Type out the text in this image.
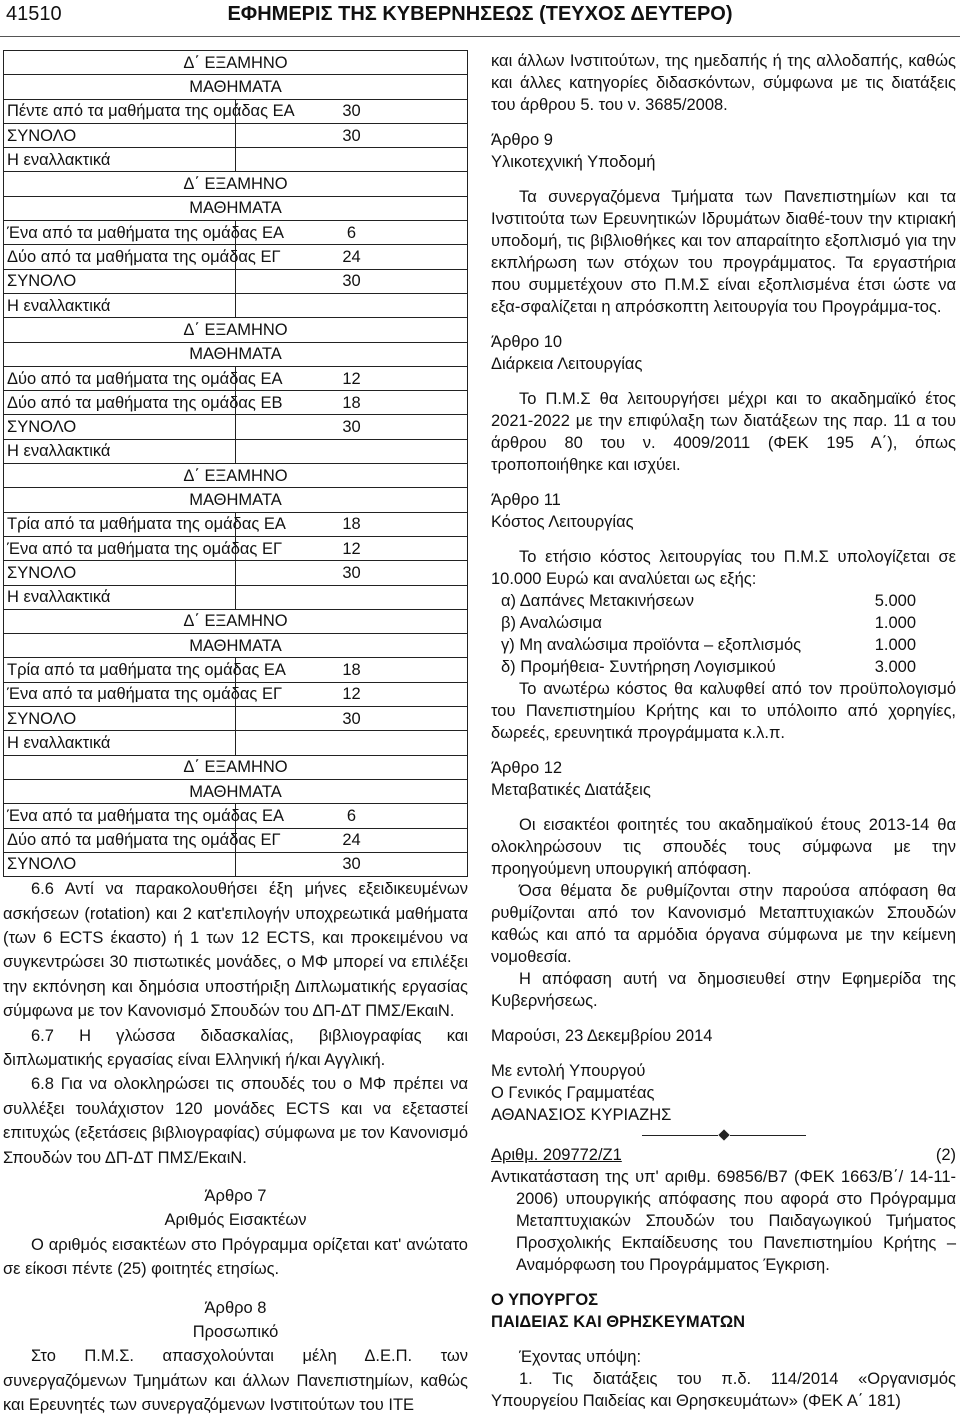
41510	ΕΦΗΜΕΡΙΣ ΤΗΣ ΚΥΒΕΡΝΗΣΕΩΣ (ΤΕΥΧΟΣ ΔΕΥΤΕΡΟ)
Δ΄ ΕΞΑΜΗΝΟ	
ΜΑΘΗΜΑΤΑ	
Πέντε από τα μαθήματα της ομάδας ΕΑ	30
ΣΥΝΟΛΟ	30
Η εναλλακτικά	
Δ΄ ΕΞΑΜΗΝΟ	
ΜΑΘΗΜΑΤΑ	
Ένα από τα μαθήματα της ομάδας ΕΑ	6
Δύο από τα μαθήματα της ομάδας ΕΓ	24
ΣΥΝΟΛΟ	30
Η εναλλακτικά	
Δ΄ ΕΞΑΜΗΝΟ	
ΜΑΘΗΜΑΤΑ	
Δύο από τα μαθήματα της ομάδας ΕΑ	12
Δύο από τα μαθήματα της ομάδας ΕΒ	18
ΣΥΝΟΛΟ	30
Η εναλλακτικά	
Δ΄ ΕΞΑΜΗΝΟ	
ΜΑΘΗΜΑΤΑ	
Τρία από τα μαθήματα της ομάδας ΕΑ	18
Ένα από τα μαθήματα της ομάδας ΕΓ	12
ΣΥΝΟΛΟ	30
Η εναλλακτικά	
Δ΄ ΕΞΑΜΗΝΟ	
ΜΑΘΗΜΑΤΑ	
Τρία από τα μαθήματα της ομάδας ΕΑ	18
Ένα από τα μαθήματα της ομάδας ΕΓ	12
ΣΥΝΟΛΟ	30
Η εναλλακτικά	
Δ΄ ΕΞΑΜΗΝΟ	
ΜΑΘΗΜΑΤΑ	
Ένα από τα μαθήματα της ομάδας ΕΑ	6
Δύο από τα μαθήματα της ομάδας ΕΓ	24
ΣΥΝΟΛΟ	30

6.6 Αντί να παρακολουθήσει έξη μήνες εξειδικευμένων ασκήσεων (rotation) και 2 κατ'επιλογήν υποχρεωτικά μαθήματα (των 6 ECTS έκαστο) ή 1 των 12 ECTS, και προκειμένου να συγκεντρώσει 30 πιστωτικές μονάδες, ο ΜΦ μπορεί να επιλέξει την εκπόνηση και δημόσια υποστήριξη Διπλωματικής εργασίας σύμφωνα με τον Κανονισμό Σπουδών του ΔΠ-ΔΤ ΠΜΣ/ΕκαιΝ.

6.7 Η γλώσσα διδασκαλίας, βιβλιογραφίας και διπλωματικής εργασίας είναι Ελληνική ή/και Αγγλική.

6.8 Για να ολοκληρώσει τις σπουδές του ο ΜΦ πρέπει να συλλέξει τουλάχιστον 120 μονάδες ECTS και να εξεταστεί επιτυχώς (εξετάσεις βιβλιογραφίας) σύμφωνα με τον Κανονισμό Σπουδών του ΔΠ-ΔΤ ΠΜΣ/ΕκαιΝ.

Άρθρο 7

Αριθμός Εισακτέων

Ο αριθμός εισακτέων στο Πρόγραμμα ορίζεται κατ' ανώτατο σε είκοσι πέντε (25) φοιτητές ετησίως.

Άρθρο 8

Προσωπικό

Στο Π.Μ.Σ. απασχολούνται μέλη Δ.Ε.Π. των συνεργαζόμενων Τμημάτων και άλλων Πανεπιστημίων, καθώς και Ερευνητές των συνεργαζόμενων Ινστιτούτων του ΙΤΕ

και άλλων Ινστιτούτων, της ημεδαπής ή της αλλοδαπής, καθώς και άλλες κατηγορίες διδασκόντων, σύμφωνα με τις διατάξεις του άρθρου 5. του ν. 3685/2008.

Άρθρο 9

Υλικοτεχνική Υποδομή

Τα συνεργαζόμενα Τμήματα των Πανεπιστημίων και τα Ινστιτούτα των Ερευνητικών Ιδρυμάτων διαθέ-τουν την κτιριακή υποδομή, τις βιβλιοθήκες και τον απαραίτητο εξοπλισμό για την εκπλήρωση των στόχων του προγράμματος. Τα εργαστήρια που συμμετέχουν στο Π.Μ.Σ είναι εξοπλισμένα έτσι ώστε να εξα-σφαλίζεται η απρόσκοπτη λειτουργία του Προγράμμα-τος.

Άρθρο 10

Διάρκεια Λειτουργίας

Το Π.Μ.Σ θα λειτουργήσει μέχρι και το ακαδημαϊκό έτος 2021-2022 με την επιφύλαξη των διατάξεων της παρ. 11 α του άρθρου 80 του ν. 4009/2011 (ΦΕΚ 195 Α΄), όπως τροποποιήθηκε και ισχύει.

Άρθρο 11

Κόστος Λειτουργίας

Το ετήσιο κόστος λειτουργίας του Π.Μ.Σ υπολογίζεται σε 10.000 Ευρώ και αναλύεται ως εξής:

α) Δαπάνες Μετακινήσεων	5.000
β) Αναλώσιμα	1.000
γ) Μη αναλώσιμα προϊόντα – εξοπλισμός	1.000
δ) Προμήθεια- Συντήρηση Λογισμικού	3.000

Το ανωτέρω κόστος θα καλυφθεί από τον προϋπολογισμό του Πανεπιστημίου Κρήτης και το υπόλοιπο από χορηγίες, δωρεές, ερευνητικά προγράμματα κ.λ.π.

Άρθρο 12

Μεταβατικές Διατάξεις

Οι εισακτέοι φοιτητές του ακαδημαϊκού έτους 2013-14 θα ολοκληρώσουν τις σπουδές τους σύμφωνα με την προηγούμενη υπουργική απόφαση.

Όσα θέματα δε ρυθμίζονται στην παρούσα απόφαση θα ρυθμίζονται από τον Κανονισμό Μεταπτυχιακών Σπουδών καθώς και από τα αρμόδια όργανα σύμφωνα με την κείμενη νομοθεσία.

Η απόφαση αυτή να δημοσιευθεί στην Εφημερίδα της Κυβερνήσεως.

Μαρούσι, 23 Δεκεμβρίου 2014

Με εντολή Υπουργού

Ο Γενικός Γραμματέας

ΑΘΑΝΑΣΙΟΣ ΚΥΡΙΑΖΗΣ

Αριθμ. 209772/Ζ1	(2)

Αντικατάσταση της υπ' αριθμ. 69856/Β7 (ΦΕΚ 1663/Β΄/ 14-11-2006) υπουργικής απόφασης που αφορά στο Πρόγραμμα Μεταπτυχιακών Σπουδών του Παιδαγωγικού Τμήματος Προσχολικής Εκπαίδευσης του Πανεπιστημίου Κρήτης – Αναμόρφωση του Προγράμματος Έγκριση.

Ο ΥΠΟΥΡΓΟΣ

ΠΑΙΔΕΙΑΣ ΚΑΙ ΘΡΗΣΚΕΥΜΑΤΩΝ

Έχοντας υπόψη:

1. Τις διατάξεις του π.δ. 114/2014 «Οργανισμός Υπουργείου Παιδείας και Θρησκευμάτων» (ΦΕΚ Α΄ 181)
